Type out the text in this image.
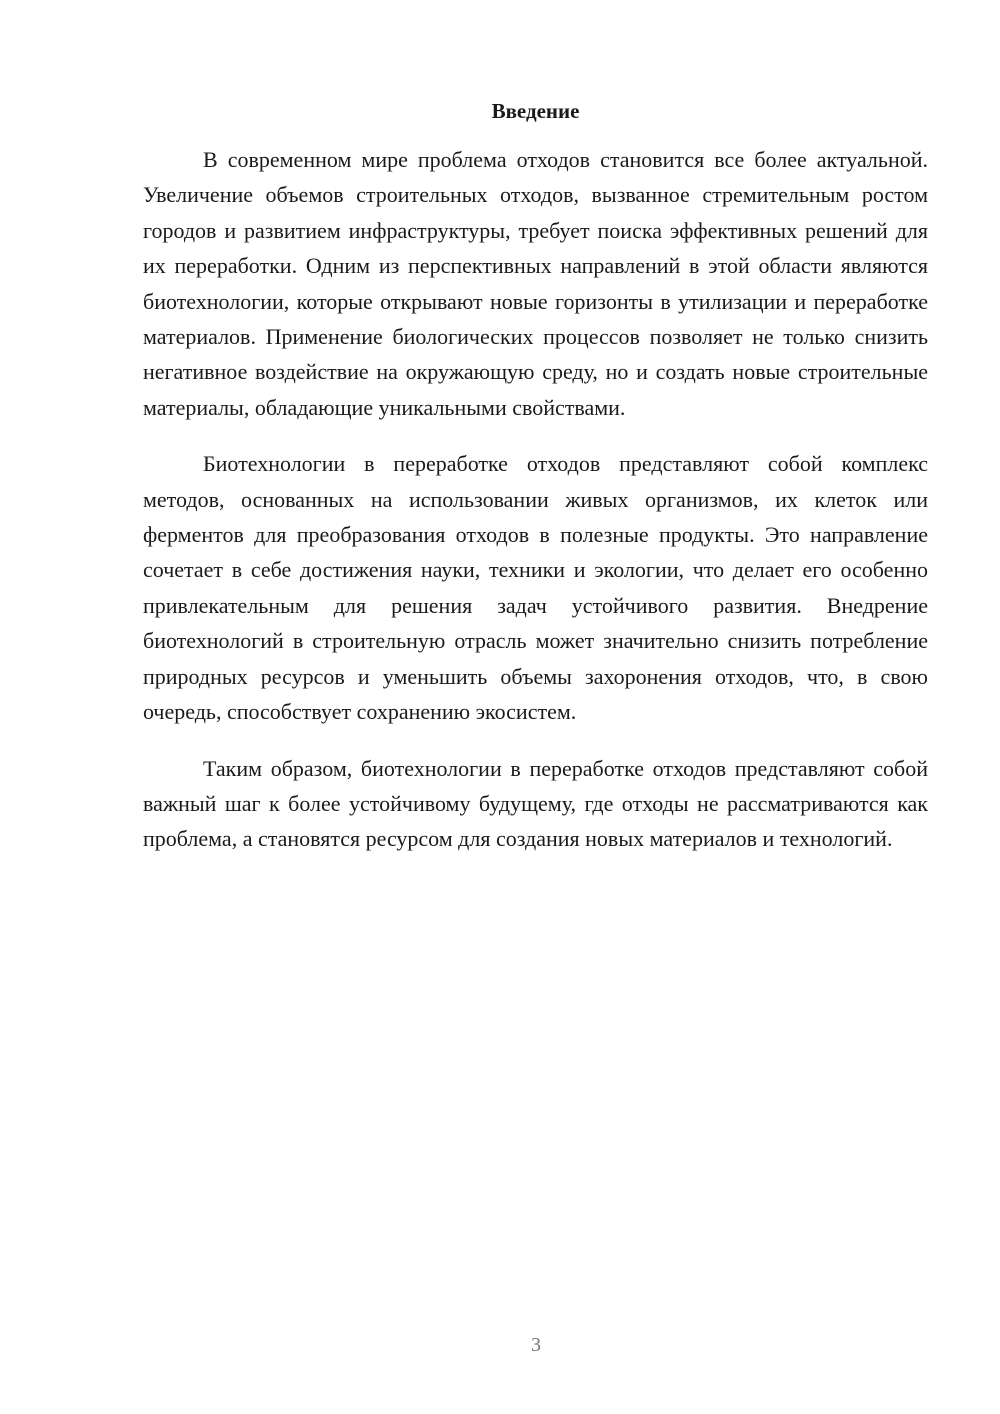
Введение

В современном мире проблема отходов становится все более актуальной. Увеличение объемов строительных отходов, вызванное стремительным ростом городов и развитием инфраструктуры, требует поиска эффективных решений для их переработки. Одним из перспективных направлений в этой области являются биотехнологии, которые открывают новые горизонты в утилизации и переработке материалов. Применение биологических процессов позволяет не только снизить негативное воздействие на окружающую среду, но и создать новые строительные материалы, обладающие уникальными свойствами.

Биотехнологии в переработке отходов представляют собой комплекс методов, основанных на использовании живых организмов, их клеток или ферментов для преобразования отходов в полезные продукты. Это направление сочетает в себе достижения науки, техники и экологии, что делает его особенно привлекательным для решения задач устойчивого развития. Внедрение биотехнологий в строительную отрасль может значительно снизить потребление природных ресурсов и уменьшить объемы захоронения отходов, что, в свою очередь, способствует сохранению экосистем.

Таким образом, биотехнологии в переработке отходов представляют собой важный шаг к более устойчивому будущему, где отходы не рассматриваются как проблема, а становятся ресурсом для создания новых материалов и технологий.

3
